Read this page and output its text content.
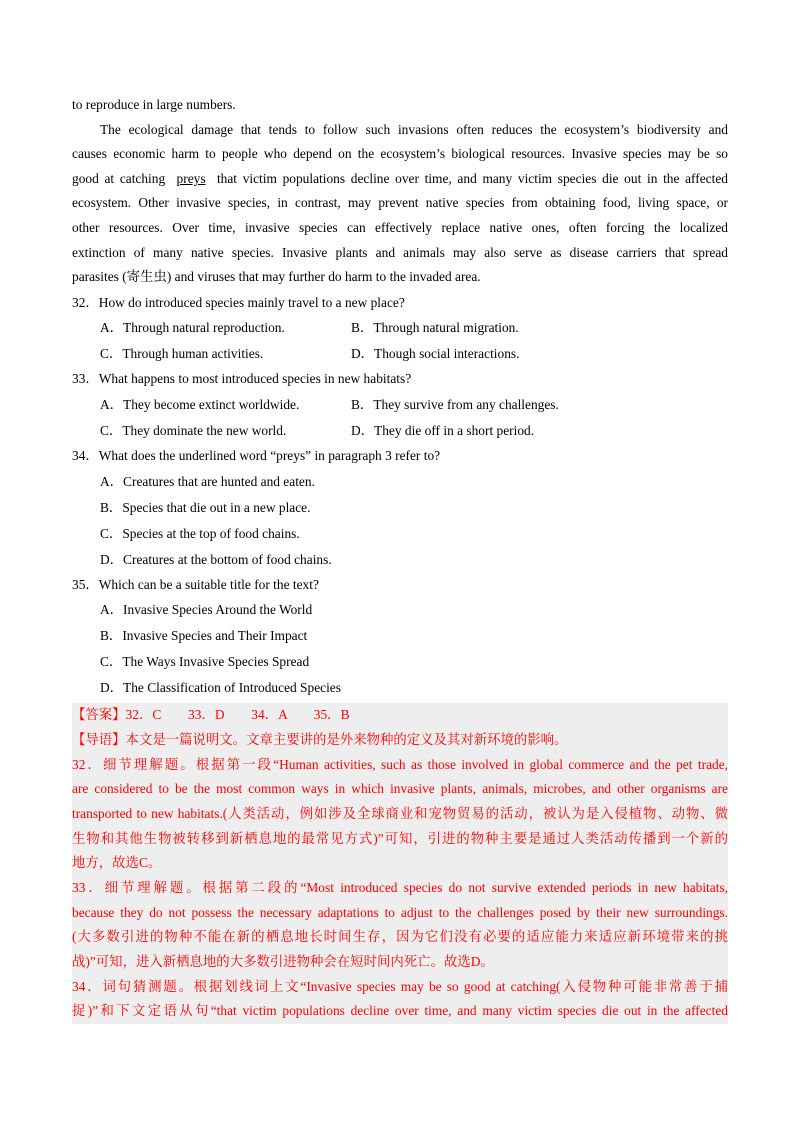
to reproduce in large numbers.
The ecological damage that tends to follow such invasions often reduces the ecosystem’s biodiversity and
causes economic harm to people who depend on the ecosystem’s biological resources. Invasive species may be so
good at catching preys that victim populations decline over time, and many victim species die out in the affected
ecosystem. Other invasive species, in contrast, may prevent native species from obtaining food, living space, or
other resources. Over time, invasive species can effectively replace native ones, often forcing the localized
extinction of many native species. Invasive plants and animals may also serve as disease carriers that spread
parasites (寄生虫) and viruses that may further do harm to the invaded area.
32．How do introduced species mainly travel to a new place?
A．Through natural reproduction.	B．Through natural migration.
C．Through human activities.	D．Though social interactions.
33．What happens to most introduced species in new habitats?
A．They become extinct worldwide.	B．They survive from any challenges.
C．They dominate the new world.	D．They die off in a short period.
34．What does the underlined word “preys” in paragraph 3 refer to?
A．Creatures that are hunted and eaten.
B．Species that die out in a new place.
C．Species at the top of food chains.
D．Creatures at the bottom of food chains.
35．Which can be a suitable title for the text?
A．Invasive Species Around the World
B．Invasive Species and Their Impact
C．The Ways Invasive Species Spread
D．The Classification of Introduced Species
【答案】32．C　　33．D　　34．A　　35．B
【导语】本文是一篇说明文。文章主要讲的是外来物种的定义及其对新环境的影响。
32．细节理解题。根据第一段“Human activities, such as those involved in global commerce and the pet trade,
are considered to be the most common ways in which invasive plants, animals, microbes, and other organisms are
transported to new habitats.(人类活动，例如涉及全球商业和宠物贸易的活动，被认为是入侵植物、动物、微
生物和其他生物被转移到新栖息地的最常见方式)”可知，引进的物种主要是通过人类活动传播到一个新的
地方，故选C。
33．细节理解题。根据第二段的“Most introduced species do not survive extended periods in new habitats,
because they do not possess the necessary adaptations to adjust to the challenges posed by their new surroundings.
(大多数引进的物种不能在新的栖息地长时间生存，因为它们没有必要的适应能力来适应新环境带来的挑
战)”可知，进入新栖息地的大多数引进物种会在短时间内死亡。故选D。
34．词句猜测题。根据划线词上文“Invasive species may be so good at catching(入侵物种可能非常善于捕
捉)”和下文定语从句“that victim populations decline over time, and many victim species die out in the affected
